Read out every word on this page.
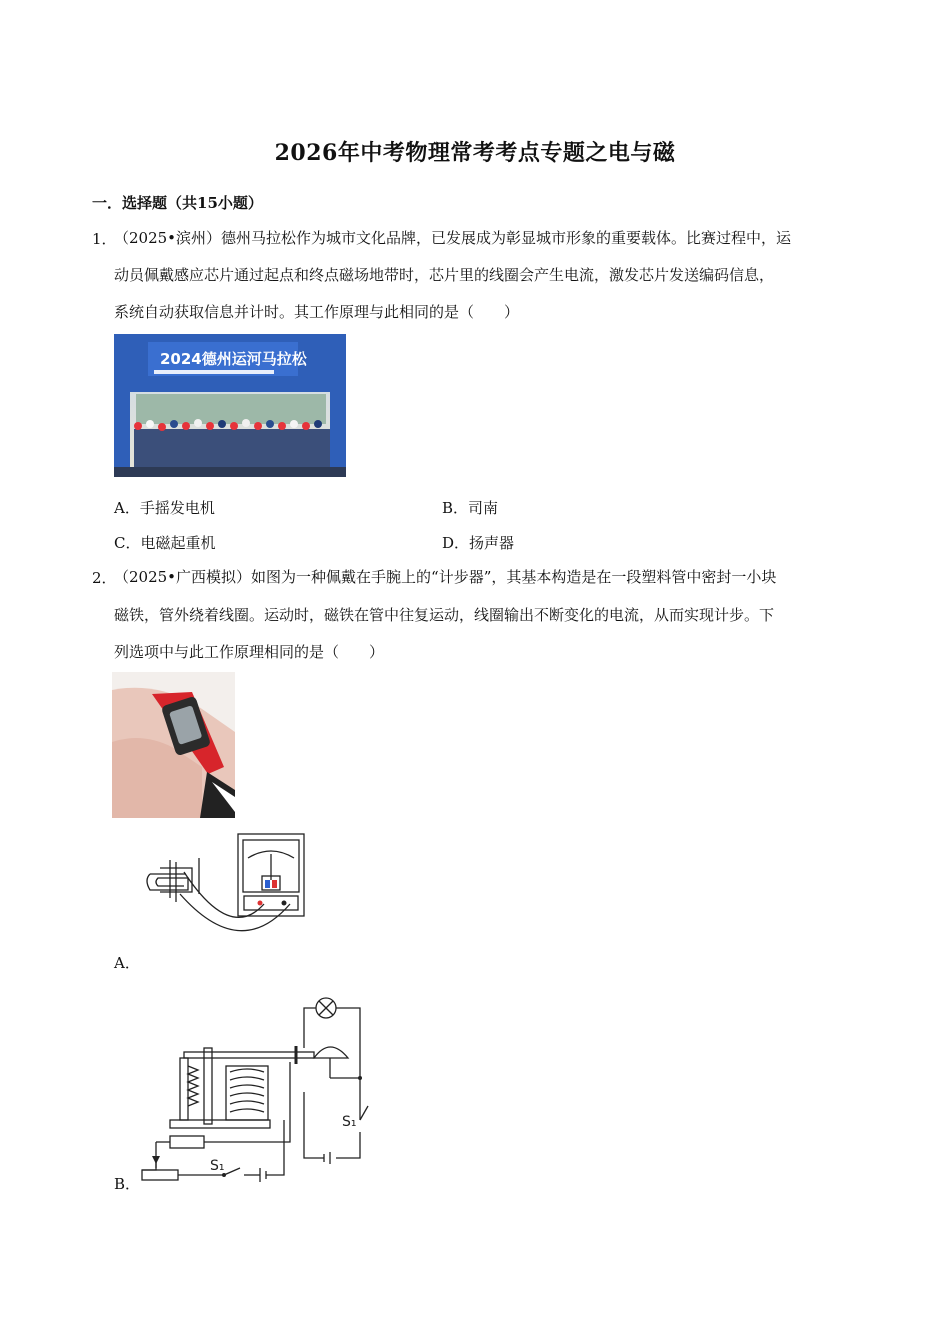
2026年中考物理常考考点专题之电与磁
一．选择题（共15小题）
1．
（2025•滨州）德州马拉松作为城市文化品牌，已发展成为彰显城市形象的重要载体。比赛过程中，运
动员佩戴感应芯片通过起点和终点磁场地带时，芯片里的线圈会产生电流，激发芯片发送编码信息，
系统自动获取信息并计时。其工作原理与此相同的是（　　）
2024德州运河马拉松
A．手摇发电机	B．司南
C．电磁起重机	D．扬声器
2．
（2025•广西模拟）如图为一种佩戴在手腕上的“计步器”，其基本构造是在一段塑料管中密封一小块
磁铁，管外绕着线圈。运动时，磁铁在管中往复运动，线圈输出不断变化的电流，从而实现计步。下
列选项中与此工作原理相同的是（　　）
A．
S₁
S₁
B．
